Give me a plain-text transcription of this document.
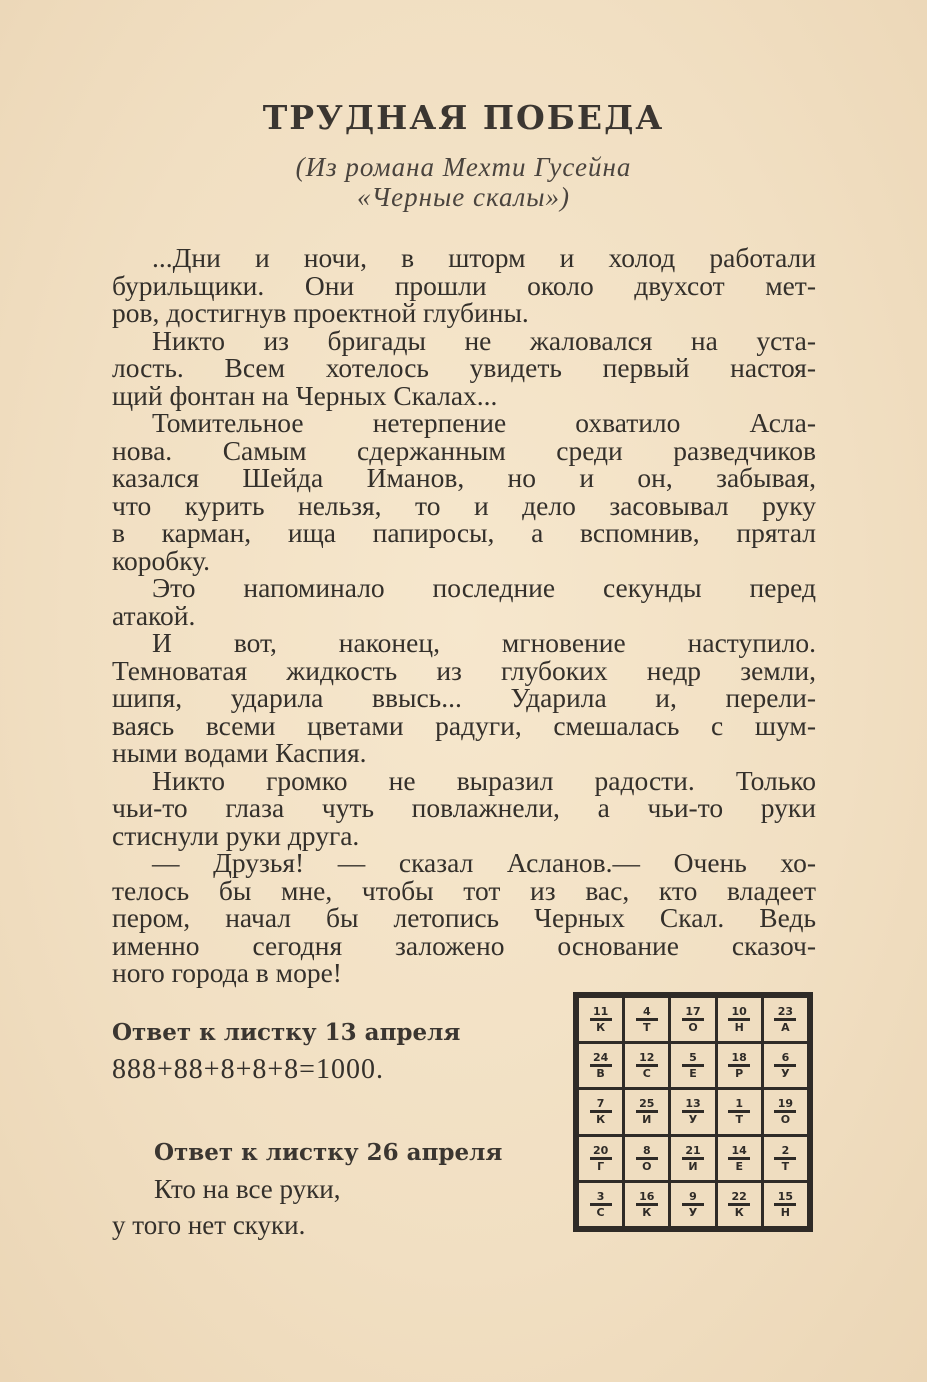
ТРУДНАЯ ПОБЕДА
(Из романа Мехти Гусейна
«Черные скалы»)
...Дни и ночи, в шторм и холод работали
бурильщики. Они прошли около двухсот мет-
ров, достигнув проектной глубины.
Никто из бригады не жаловался на уста-
лость. Всем хотелось увидеть первый настоя-
щий фонтан на Черных Скалах...
Томительное нетерпение охватило Асла-
нова. Самым сдержанным среди разведчиков
казался Шейда Иманов, но и он, забывая,
что курить нельзя, то и дело засовывал руку
в карман, ища папиросы, а вспомнив, прятал
коробку.
Это напоминало последние секунды перед
атакой.
И вот, наконец, мгновение наступило.
Темноватая жидкость из глубоких недр земли,
шипя, ударила ввысь... Ударила и, перели-
ваясь всеми цветами радуги, смешалась с шум-
ными водами Каспия.
Никто громко не выразил радости. Только
чьи-то глаза чуть повлажнели, а чьи-то руки
стиснули руки друга.
— Друзья! — сказал Асланов.— Очень хо-
телось бы мне, чтобы тот из вас, кто владеет
пером, начал бы летопись Черных Скал. Ведь
именно сегодня заложено основание сказоч-
ного города в море!
Ответ к листку 13 апреля
888+88+8+8+8=1000.
Ответ к листку 26 апреля
Кто на все руки,
у того нет скуки.
11
К
4
Т
17
О
10
Н
23
А
24
В
12
С
5
Е
18
Р
6
У
7
К
25
И
13
У
1
Т
19
О
20
Г
8
О
21
И
14
Е
2
Т
3
С
16
К
9
У
22
К
15
Н
